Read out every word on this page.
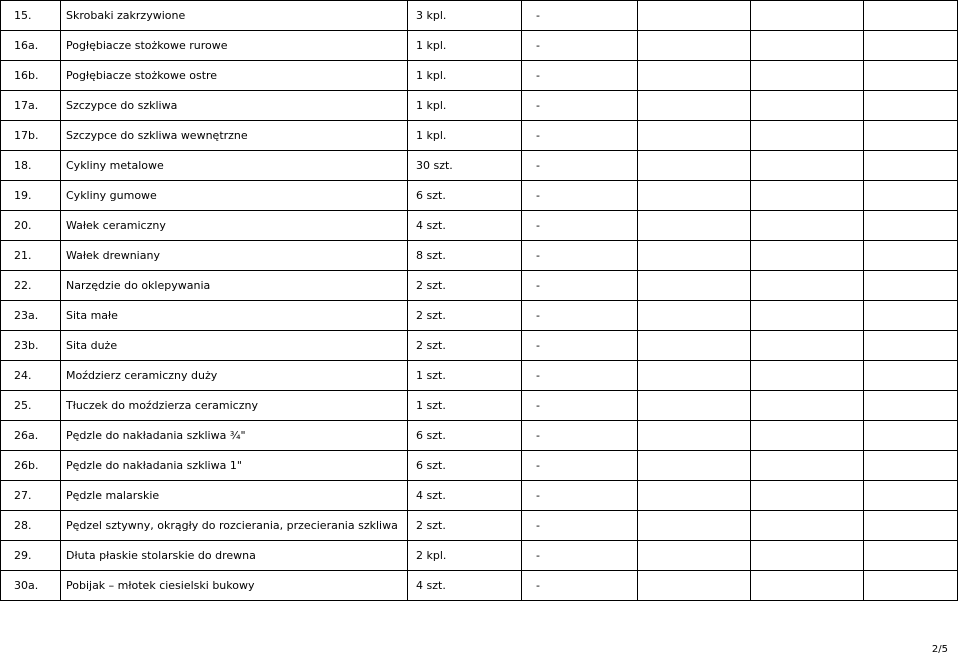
15.	Skrobaki zakrzywione	3 kpl.	-			
16a.	Pogłębiacze stożkowe rurowe	1 kpl.	-			
16b.	Pogłębiacze stożkowe ostre	1 kpl.	-			
17a.	Szczypce do szkliwa	1 kpl.	-			
17b.	Szczypce do szkliwa wewnętrzne	1 kpl.	-			
18.	Cykliny metalowe	30 szt.	-			
19.	Cykliny gumowe	6 szt.	-			
20.	Wałek ceramiczny	4 szt.	-			
21.	Wałek drewniany	8 szt.	-			
22.	Narzędzie do oklepywania	2 szt.	-			
23a.	Sita małe	2 szt.	-			
23b.	Sita duże	2 szt.	-			
24.	Moździerz ceramiczny duży	1 szt.	-			
25.	Tłuczek do moździerza ceramiczny	1 szt.	-			
26a.	Pędzle do nakładania szkliwa ¾"	6 szt.	-			
26b.	Pędzle do nakładania szkliwa 1"	6 szt.	-			
27.	Pędzle malarskie	4 szt.	-			
28.	Pędzel sztywny, okrągły do rozcierania, przecierania szkliwa	2 szt.	-			
29.	Dłuta płaskie stolarskie do drewna	2 kpl.	-			
30a.	Pobijak – młotek ciesielski bukowy	4 szt.	-			
2/5
